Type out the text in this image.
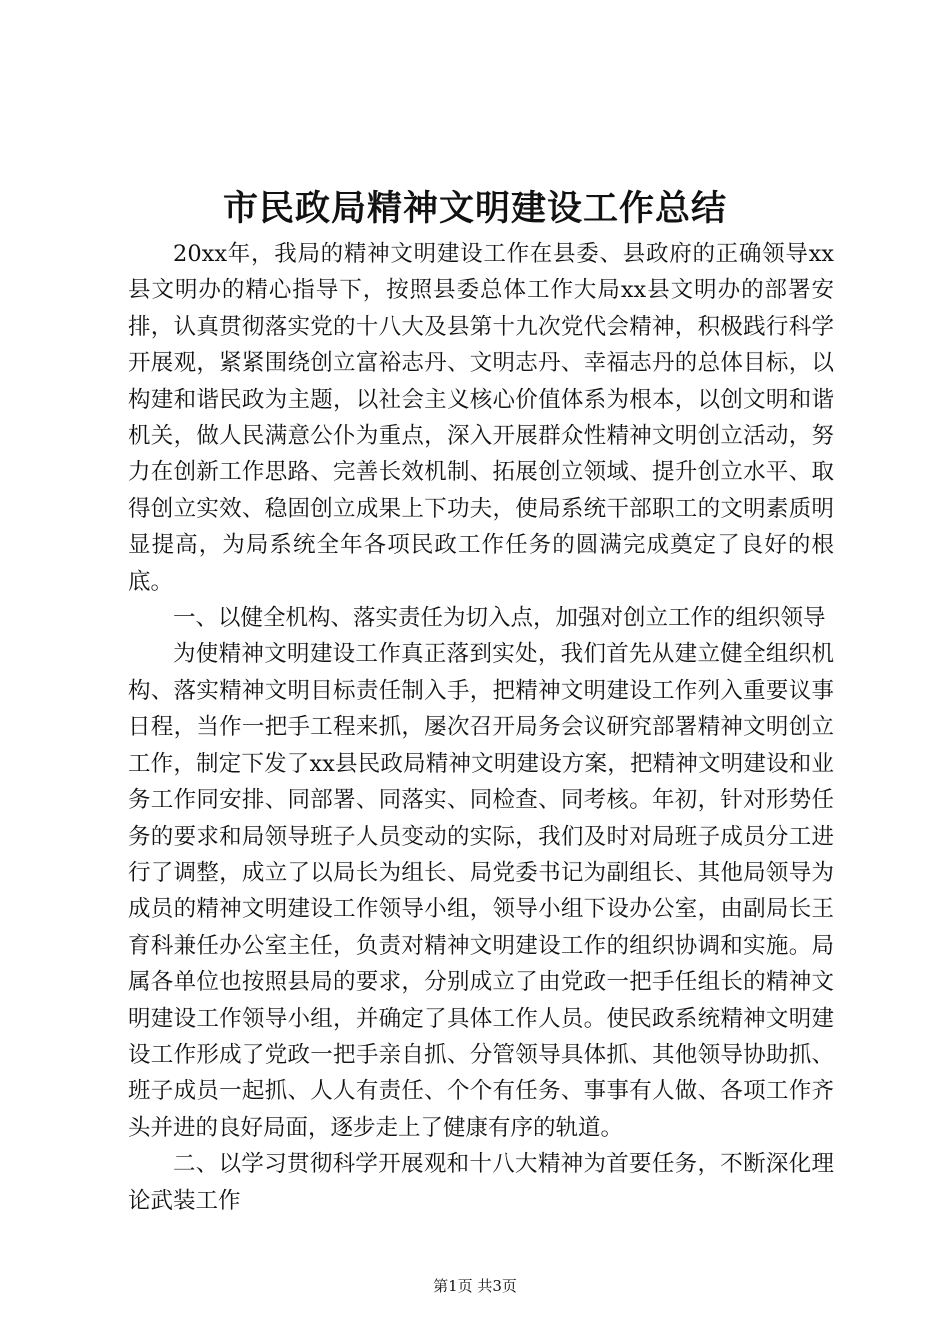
市民政局精神文明建设工作总结

20xx年，我局的精神文明建设工作在县委、县政府的正确领导xx县文明办的精心指导下，按照县委总体工作大局xx县文明办的部署安排，认真贯彻落实党的十八大及县第十九次党代会精神，积极践行科学开展观，紧紧围绕创立富裕志丹、文明志丹、幸福志丹的总体目标，以构建和谐民政为主题，以社会主义核心价值体系为根本，以创文明和谐机关，做人民满意公仆为重点，深入开展群众性精神文明创立活动，努力在创新工作思路、完善长效机制、拓展创立领域、提升创立水平、取得创立实效、稳固创立成果上下功夫，使局系统干部职工的文明素质明显提高，为局系统全年各项民政工作任务的圆满完成奠定了良好的根底。

一、以健全机构、落实责任为切入点，加强对创立工作的组织领导

为使精神文明建设工作真正落到实处，我们首先从建立健全组织机构、落实精神文明目标责任制入手，把精神文明建设工作列入重要议事日程，当作一把手工程来抓，屡次召开局务会议研究部署精神文明创立工作，制定下发了xx县民政局精神文明建设方案，把精神文明建设和业务工作同安排、同部署、同落实、同检查、同考核。年初，针对形势任务的要求和局领导班子人员变动的实际，我们及时对局班子成员分工进行了调整，成立了以局长为组长、局党委书记为副组长、其他局领导为成员的精神文明建设工作领导小组，领导小组下设办公室，由副局长王育科兼任办公室主任，负责对精神文明建设工作的组织协调和实施。局属各单位也按照县局的要求，分别成立了由党政一把手任组长的精神文明建设工作领导小组，并确定了具体工作人员。使民政系统精神文明建设工作形成了党政一把手亲自抓、分管领导具体抓、其他领导协助抓、班子成员一起抓、人人有责任、个个有任务、事事有人做、各项工作齐头并进的良好局面，逐步走上了健康有序的轨道。

二、以学习贯彻科学开展观和十八大精神为首要任务，不断深化理论武装工作

第1页 共3页
